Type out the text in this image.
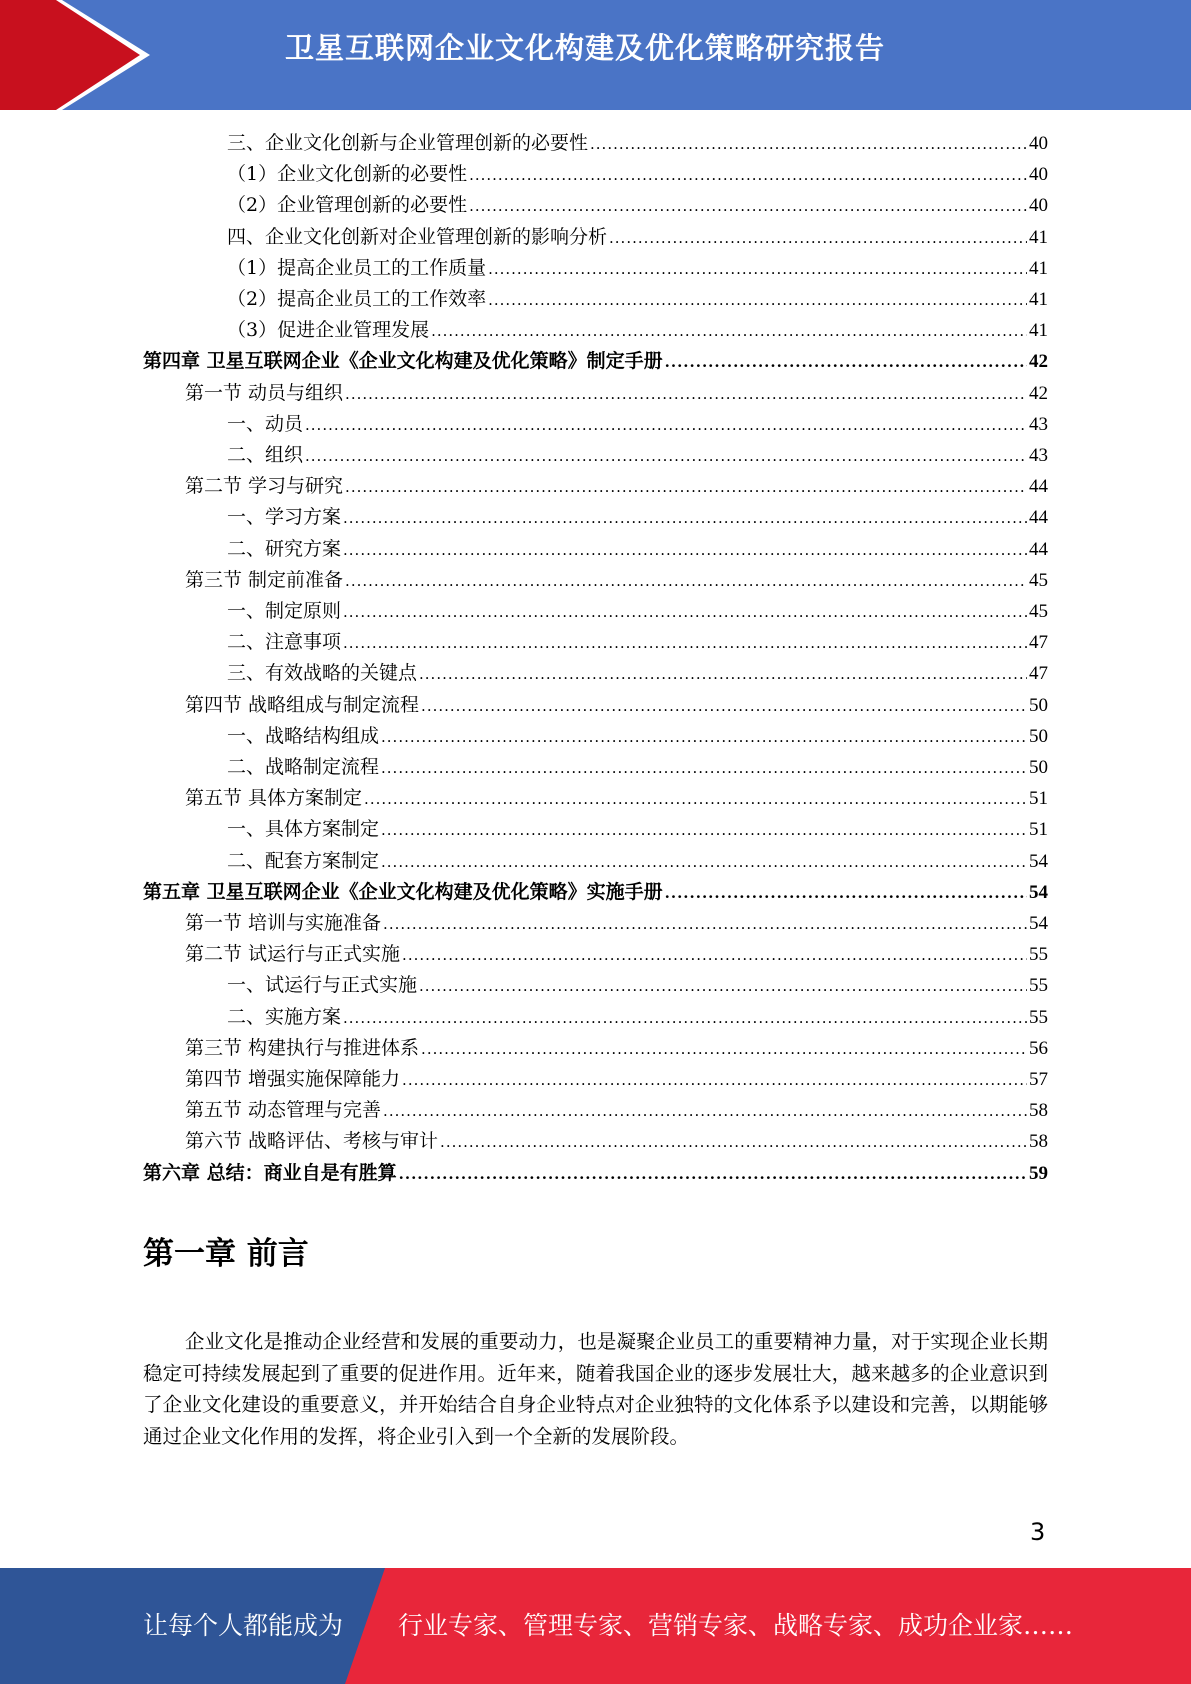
卫星互联网企业文化构建及优化策略研究报告
三、企业文化创新与企业管理创新的必要性 .....	40
（1）企业文化创新的必要性 .....	40
（2）企业管理创新的必要性 .....	40
四、企业文化创新对企业管理创新的影响分析 .....	41
（1）提高企业员工的工作质量 .....	41
（2）提高企业员工的工作效率 .....	41
（3）促进企业管理发展 .....	41
第四章 卫星互联网企业《企业文化构建及优化策略》制定手册 .....	42
第一节 动员与组织 .....	42
一、动员 .....	43
二、组织 .....	43
第二节 学习与研究 .....	44
一、学习方案 .....	44
二、研究方案 .....	44
第三节 制定前准备 .....	45
一、制定原则 .....	45
二、注意事项 .....	47
三、有效战略的关键点 .....	47
第四节 战略组成与制定流程 .....	50
一、战略结构组成 .....	50
二、战略制定流程 .....	50
第五节 具体方案制定 .....	51
一、具体方案制定 .....	51
二、配套方案制定 .....	54
第五章 卫星互联网企业《企业文化构建及优化策略》实施手册 .....	54
第一节 培训与实施准备 .....	54
第二节 试运行与正式实施 .....	55
一、试运行与正式实施 .....	55
二、实施方案 .....	55
第三节 构建执行与推进体系 .....	56
第四节 增强实施保障能力 .....	57
第五节 动态管理与完善 .....	58
第六节 战略评估、考核与审计 .....	58
第六章 总结：商业自是有胜算 .....	59
第一章 前言
企业文化是推动企业经营和发展的重要动力，也是凝聚企业员工的重要精神力量，对于实现企业长期稳定可持续发展起到了重要的促进作用。近年来，随着我国企业的逐步发展壮大，越来越多的企业意识到了企业文化建设的重要意义，并开始结合自身企业特点对企业独特的文化体系予以建设和完善，以期能够通过企业文化作用的发挥，将企业引入到一个全新的发展阶段。
3
让每个人都能成为 行业专家、管理专家、营销专家、战略专家、成功企业家……
